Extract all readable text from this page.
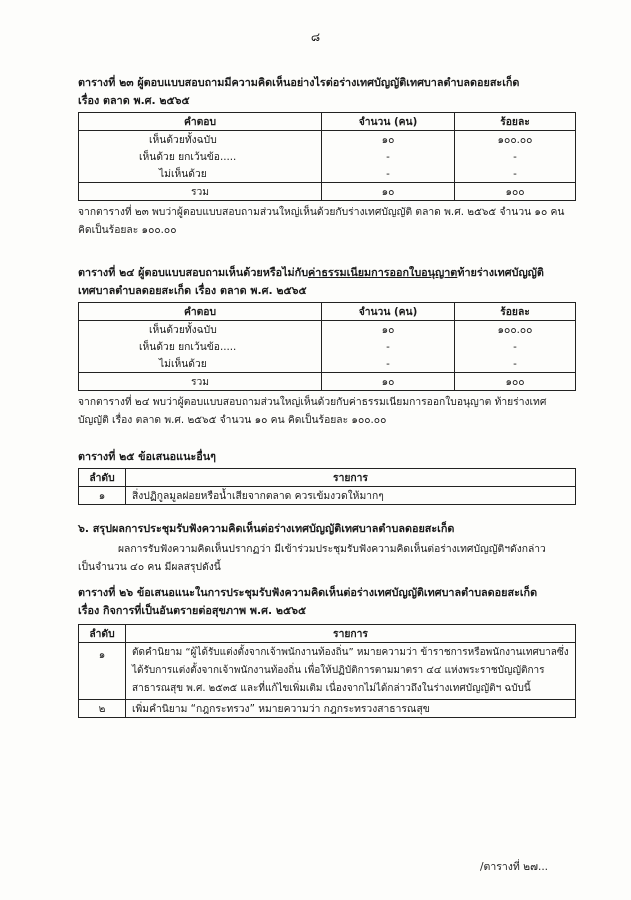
๘
ตารางที่ ๒๓ ผู้ตอบแบบสอบถามมีความคิดเห็นอย่างไรต่อร่างเทศบัญญัติเทศบาลตำบลดอยสะเก็ด
เรื่อง ตลาด พ.ศ. ๒๕๖๕
คำตอบ	จำนวน (คน)	ร้อยละ
เห็นด้วยทั้งฉบับ	๑๐	๑๐๐.๐๐
เห็นด้วย ยกเว้นข้อ.....	-	-
ไม่เห็นด้วย	-	-
รวม	๑๐	๑๐๐
จากตารางที่ ๒๓ พบว่าผู้ตอบแบบสอบถามส่วนใหญ่เห็นด้วยกับร่างเทศบัญญัติ ตลาด พ.ศ. ๒๕๖๕ จำนวน ๑๐ คน
คิดเป็นร้อยละ ๑๐๐.๐๐
ตารางที่ ๒๔ ผู้ตอบแบบสอบถามเห็นด้วยหรือไม่กับค่าธรรมเนียมการออกใบอนุญาตท้ายร่างเทศบัญญัติ
เทศบาลตำบลดอยสะเก็ด เรื่อง ตลาด พ.ศ. ๒๕๖๕
คำตอบ	จำนวน (คน)	ร้อยละ
เห็นด้วยทั้งฉบับ	๑๐	๑๐๐.๐๐
เห็นด้วย ยกเว้นข้อ.....	-	-
ไม่เห็นด้วย	-	-
รวม	๑๐	๑๐๐
จากตารางที่ ๒๔ พบว่าผู้ตอบแบบสอบถามส่วนใหญ่เห็นด้วยกับค่าธรรมเนียมการออกใบอนุญาต ท้ายร่างเทศ
บัญญัติ เรื่อง ตลาด พ.ศ. ๒๕๖๕ จำนวน ๑๐ คน คิดเป็นร้อยละ ๑๐๐.๐๐
ตารางที่ ๒๕ ข้อเสนอแนะอื่นๆ
ลำดับ	รายการ
๑	สิ่งปฏิกูลมูลฝอยหรือน้ำเสียจากตลาด ควรเข้มงวดให้มากๆ
๖. สรุปผลการประชุมรับฟังความคิดเห็นต่อร่างเทศบัญญัติเทศบาลตำบลดอยสะเก็ด
ผลการรับฟังความคิดเห็นปรากฏว่า มีเข้าร่วมประชุมรับฟังความคิดเห็นต่อร่างเทศบัญญัติฯดังกล่าว
เป็นจำนวน ๔๐ คน มีผลสรุปดังนี้
ตารางที่ ๒๖ ข้อเสนอแนะในการประชุมรับฟังความคิดเห็นต่อร่างเทศบัญญัติเทศบาลตำบลดอยสะเก็ด
เรื่อง กิจการที่เป็นอันตรายต่อสุขภาพ พ.ศ. ๒๕๖๕
ลำดับ	รายการ
๑	ตัดคำนิยาม “ผู้ได้รับแต่งตั้งจากเจ้าพนักงานท้องถิ่น” หมายความว่า ข้าราชการหรือพนักงานเทศบาลซึ่ง
ได้รับการแต่งตั้งจากเจ้าพนักงานท้องถิ่น เพื่อให้ปฏิบัติการตามมาตรา ๔๔ แห่งพระราชบัญญัติการ
สาธารณสุข พ.ศ. ๒๕๓๕ และที่แก้ไขเพิ่มเติม เนื่องจากไม่ได้กล่าวถึงในร่างเทศบัญญัติฯ ฉบับนี้

๒	เพิ่มคำนิยาม “กฎกระทรวง” หมายความว่า กฎกระทรวงสาธารณสุข
/ตารางที่ ๒๗...
